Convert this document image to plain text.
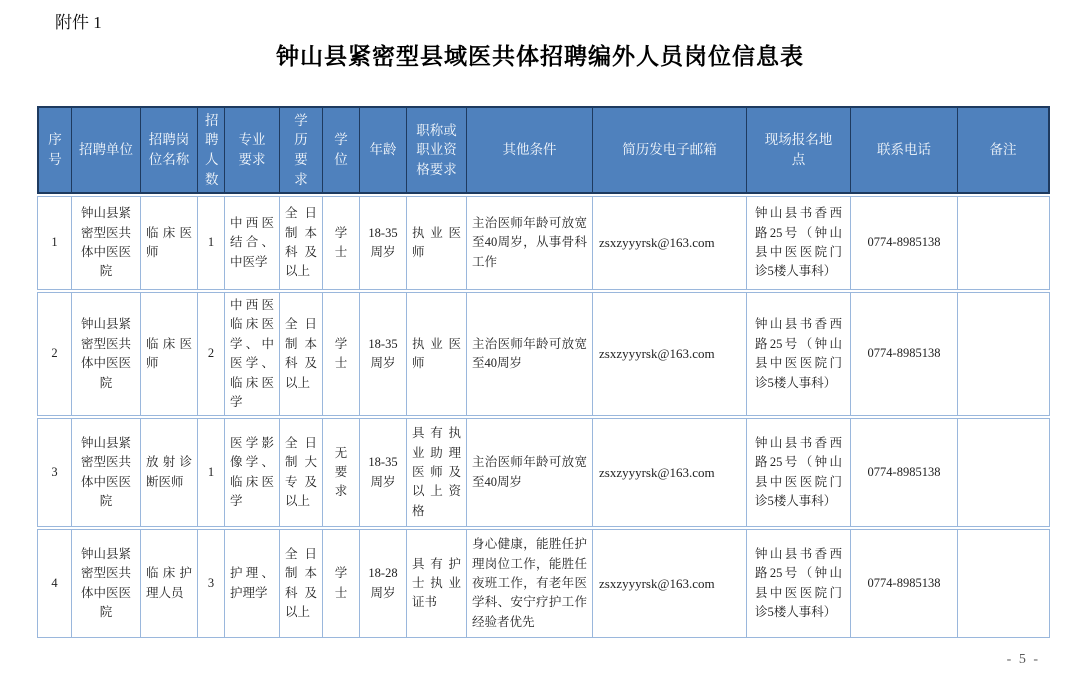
附件 1
钟山县紧密型县域医共体招聘编外人员岗位信息表
序号	招聘单位	招聘岗位名称	招聘人数	专业要求	学历要求	学位	年龄	职称或职业资格要求	其他条件	简历发电子邮箱	现场报名地点	联系电话	备注
1	钟山县紧密型医共体中医医院	临床医师	1	中西医结合、中医学	全日制本科及以上	学士	18-35周岁	执业医师	主治医师年龄可放宽至40周岁，从事骨科工作	zsxzyyyrsk@163.com	钟山县书香西路25号（钟山县中医医院门诊5楼人事科）	0774-8985138	
2	钟山县紧密型医共体中医医院	临床医师	2	中西医临床医学、中医学、临床医学	全日制本科及以上	学士	18-35周岁	执业医师	主治医师年龄可放宽至40周岁	zsxzyyyrsk@163.com	钟山县书香西路25号（钟山县中医医院门诊5楼人事科）	0774-8985138	
3	钟山县紧密型医共体中医医院	放射诊断医师	1	医学影像学、临床医学	全日制大专及以上	无要求	18-35周岁	具有执业助理医师及以上资格	主治医师年龄可放宽至40周岁	zsxzyyyrsk@163.com	钟山县书香西路25号（钟山县中医医院门诊5楼人事科）	0774-8985138	
4	钟山县紧密型医共体中医医院	临床护理人员	3	护理、护理学	全日制本科及以上	学士	18-28周岁	具有护士执业证书	身心健康，能胜任护理岗位工作，能胜任夜班工作，有老年医学科、安宁疗护工作经验者优先	zsxzyyyrsk@163.com	钟山县书香西路25号（钟山县中医医院门诊5楼人事科）	0774-8985138	
- 5 -
